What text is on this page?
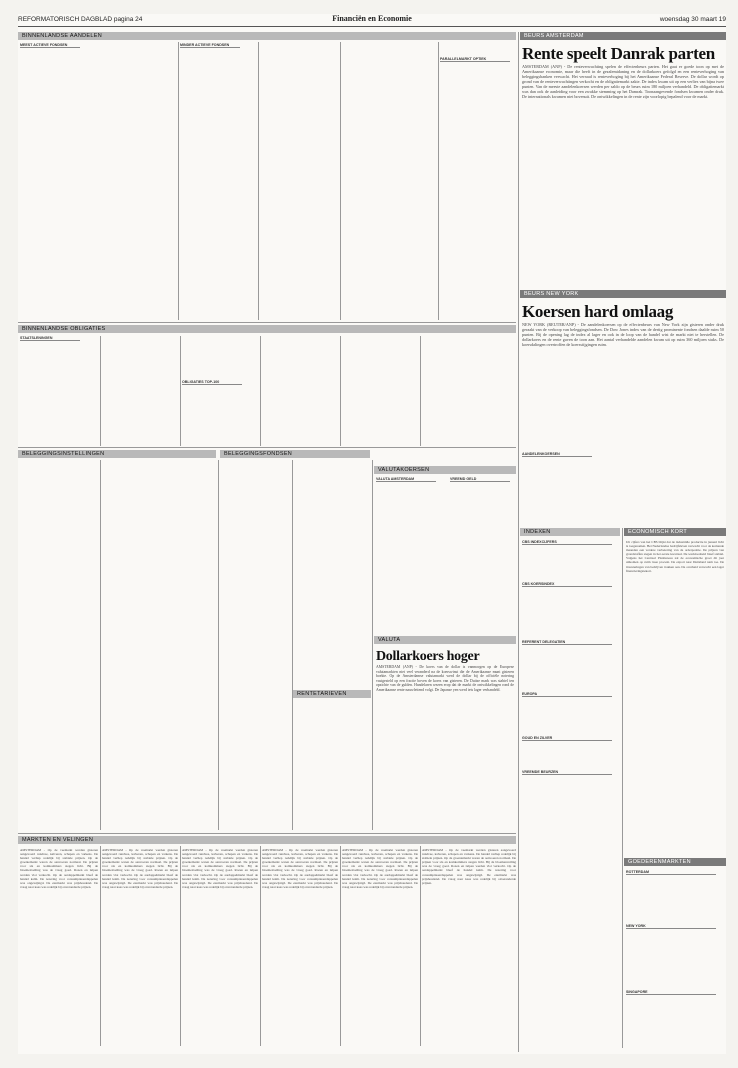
REFORMATORISCH DAGBLAD pagina 24	Financiën en Economie	woensdag 30 maart 19
BINNENLANDSE AANDELEN	BEURS AMSTERDAM
BINNENLANDSE OBLIGATIES
BEURS NEW YORK
BELEGGINGSINSTELLINGEN	BELEGGINGSFONDSEN
VALUTAKOERSEN
INDEXEN	ECONOMISCH KORT
VALUTA
RENTETARIEVEN
MARKTEN EN VELINGEN
GOEDERENMARKTEN
MEEST ACTIEVE FONDSEN	MINDER ACTIEVE FONDSEN
STAATSLENINGEN
OBLIGATIES TOP-100
PARALLELMARKT OPTIEK
AANDELENKOERSEN
VALUTA AMSTERDAM	VREEMD GELD
CBS INDEXCIJFERS
CBS KOERSINDEX
REFERENT DELEGATIEN
EUROPA
GOUD EN ZILVER
VREEMDE BEURZEN
ROTTERDAM
NEW YORK
SINGAPORE
Rente speelt Danrak parten
AMSTERDAM (ANP) - De renteverwachting spelen de effectenbeurs parten. Het gaat er goede toon op met de Amerikaanse economie, maar die heeft in de gezalemidaning en de dollarkoers gefolgd en een renteverhoging van beleggingsbanken verwacht. Het verraad is renteverhoging bij het Amerikaanse Federal Reserve. De dollar wordt op grond van de renteverwachtingen verkocht en de obligatiemarkt zakte. De index kwam uit op een verlies van bijna twee punten. Van de meeste aandelenkoersen werden per saldo op de beurs ruim 180 miljoen verhandeld. De obligatiemarkt was dan ook de aanleiding voor een zwakke stemming op het Damrak. Toonaangevende fondsen kwamen onder druk. De internationals kwamen niet bovenuit. De ontwikkelingen in de rente zijn voorlopig bepalend voor de markt.
Koersen hard omlaag
NEW YORK (REUTER/ANP) - De aandelenkoersen op de effectenbeurs van New York zijn gisteren onder druk geraakt van de verkoop van beleggingsfondsen. De Dow Jones index van de dertig prominente fondsen daalde ruim 50 punten. Bij de opening lag de index al lager en ook in de loop van de handel wist de markt niet te herstellen. De dollarkoers en de rente gaven de toon aan. Het aantal verhandelde aandelen kwam uit op ruim 360 miljoen stuks. De koersdalingen overtroffen de koersstijgingen ruim.
Dollarkoers hoger
AMSTERDAM (ANP) - De koers van de dollar is vanmorgen op de Europese valutamarkten niet veel veranderd na de koerswinst die de Amerikaanse munt gisteren boekte. Op de Amsterdamse valutamarkt werd de dollar bij de officiële notering vastgesteld op een fractie boven de koers van gisteren. De Duitse mark was stabiel ten opzichte van de gulden. Handelaren wezen erop dat de markt de ontwikkelingen rond de Amerikaanse rente nauwlettend volgt. De Japanse yen werd iets lager verhandeld.
Uit cijfers van het CBS blijkt dat de industriële productie in januari licht is toegenomen. Het Nederlandse bedrijfsleven verwacht voor de komende maanden een verdere verbetering van de orderpositie. De prijzen van grondstoffen stegen in het eerste kwartaal. De werkloosheid bleef stabiel. Volgens het Centraal Planbureau zal de economische groei dit jaar uitkomen op ruim twee procent. De export naar Duitsland nam toe. De investeringen van bedrijven trokken aan. De overheid verwacht een lager financieringstekort.
AMSTERDAM - Op de veemarkt werden gisteren aangevoerd rundvee, kalveren, schapen en varkens. De handel verliep redelijk bij stabiele prijzen. Op de groentemarkt waren de aanvoeren normaal. De prijzen voor sla en komkommers stegen licht. Bij de bloemenveiling was de vraag goed. Rozen en tulpen werden vlot verkocht. Op de aardappelmarkt bleef de handel kalm. De notering voor consumptieaardappelen was ongewijzigd. De eiermarkt was prijshoudend. De vraag naar kaas was redelijk bij onveranderde prijzen.
AMSTERDAM - Op de veemarkt werden gisteren aangevoerd rundvee, kalveren, schapen en varkens. De handel verliep redelijk bij stabiele prijzen. Op de groentemarkt waren de aanvoeren normaal. De prijzen voor sla en komkommers stegen licht. Bij de bloemenveiling was de vraag goed. Rozen en tulpen werden vlot verkocht. Op de aardappelmarkt bleef de handel kalm. De notering voor consumptieaardappelen was ongewijzigd. De eiermarkt was prijshoudend. De vraag naar kaas was redelijk bij onveranderde prijzen.
AMSTERDAM - Op de veemarkt werden gisteren aangevoerd rundvee, kalveren, schapen en varkens. De handel verliep redelijk bij stabiele prijzen. Op de groentemarkt waren de aanvoeren normaal. De prijzen voor sla en komkommers stegen licht. Bij de bloemenveiling was de vraag goed. Rozen en tulpen werden vlot verkocht. Op de aardappelmarkt bleef de handel kalm. De notering voor consumptieaardappelen was ongewijzigd. De eiermarkt was prijshoudend. De vraag naar kaas was redelijk bij onveranderde prijzen.
AMSTERDAM - Op de veemarkt werden gisteren aangevoerd rundvee, kalveren, schapen en varkens. De handel verliep redelijk bij stabiele prijzen. Op de groentemarkt waren de aanvoeren normaal. De prijzen voor sla en komkommers stegen licht. Bij de bloemenveiling was de vraag goed. Rozen en tulpen werden vlot verkocht. Op de aardappelmarkt bleef de handel kalm. De notering voor consumptieaardappelen was ongewijzigd. De eiermarkt was prijshoudend. De vraag naar kaas was redelijk bij onveranderde prijzen.
AMSTERDAM - Op de veemarkt werden gisteren aangevoerd rundvee, kalveren, schapen en varkens. De handel verliep redelijk bij stabiele prijzen. Op de groentemarkt waren de aanvoeren normaal. De prijzen voor sla en komkommers stegen licht. Bij de bloemenveiling was de vraag goed. Rozen en tulpen werden vlot verkocht. Op de aardappelmarkt bleef de handel kalm. De notering voor consumptieaardappelen was ongewijzigd. De eiermarkt was prijshoudend. De vraag naar kaas was redelijk bij onveranderde prijzen.
AMSTERDAM - Op de veemarkt werden gisteren aangevoerd rundvee, kalveren, schapen en varkens. De handel verliep redelijk bij stabiele prijzen. Op de groentemarkt waren de aanvoeren normaal. De prijzen voor sla en komkommers stegen licht. Bij de bloemenveiling was de vraag goed. Rozen en tulpen werden vlot verkocht. Op de aardappelmarkt bleef de handel kalm. De notering voor consumptieaardappelen was ongewijzigd. De eiermarkt was prijshoudend. De vraag naar kaas was redelijk bij onveranderde prijzen.
